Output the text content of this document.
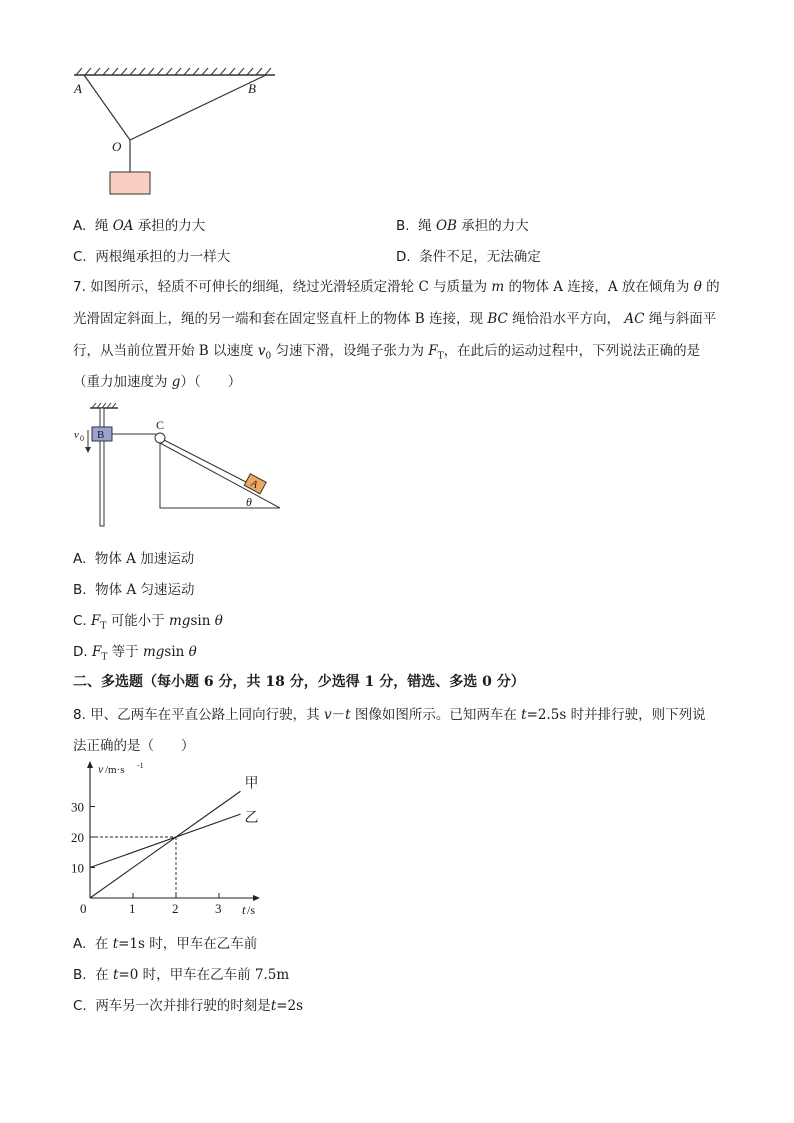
A	B
O
A. 绳 OA 承担的力大	B. 绳 OB 承担的力大
C. 两根绳承担的力一样大	D. 条件不足，无法确定
7. 如图所示，轻质不可伸长的细绳，绕过光滑轻质定滑轮 C 与质量为 m 的物体 A 连接，A 放在倾角为 θ 的
光滑固定斜面上，绳的另一端和套在固定竖直杆上的物体 B 连接，现 BC 绳恰沿水平方向， AC 绳与斜面平
行，从当前位置开始 B 以速度 $v_0$ 匀速下滑，设绳子张力为 $F_T$，在此后的运动过程中，下列说法正确的是
（重力加速度为 g）（　　）
B
C
A
θ
v 0
A. 物体 A 加速运动
B. 物体 A 匀速运动
C. $F_T$ 可能小于 mgsin θ
D. $F_T$ 等于 mgsin θ
二、多选题（每小题 6 分，共 18 分，少选得 1 分，错选、多选 0 分）
8. 甲、乙两车在平直公路上同向行驶，其 v－t 图像如图所示。已知两车在 t=2.5s 时并排行驶，则下列说
法正确的是（　　）
v /m·s -1
t /s
0	1	2	3
10
20
30
甲
乙
A. 在 t=1s 时，甲车在乙车前
B. 在 t=0 时，甲车在乙车前 7.5m
C. 两车另一次并排行驶的时刻是t=2s
